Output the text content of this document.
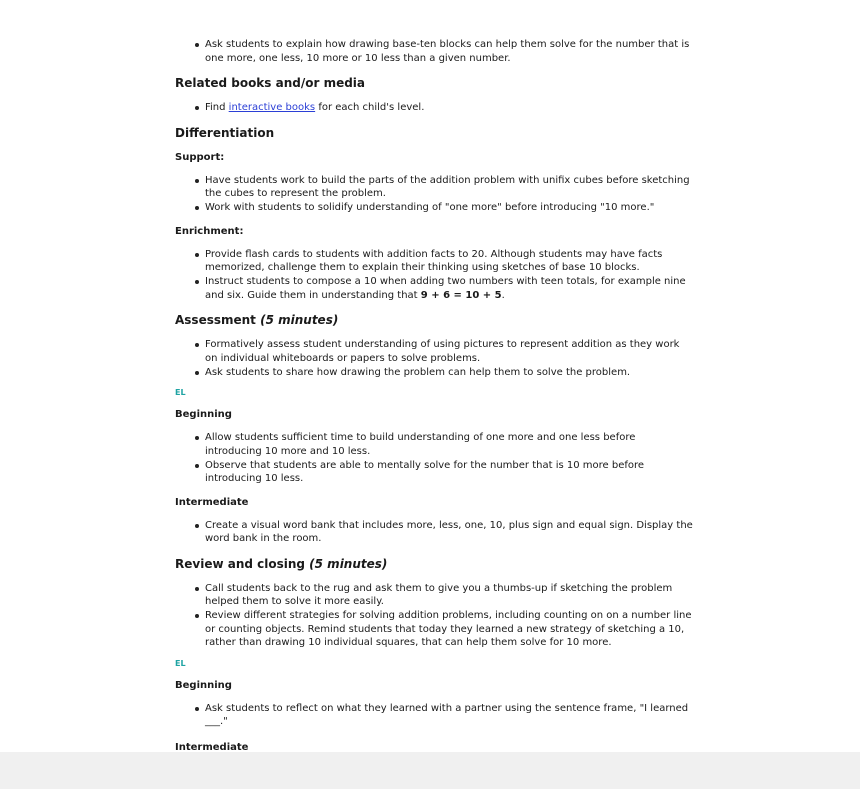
Ask students to explain how drawing base-ten blocks can help them solve for the number that is one more, one less, 10 more or 10 less than a given number.
Related books and/or media
Find interactive books for each child's level.
Differentiation
Support:
Have students work to build the parts of the addition problem with unifix cubes before sketching the cubes to represent the problem.
Work with students to solidify understanding of "one more" before introducing "10 more."
Enrichment:
Provide flash cards to students with addition facts to 20. Although students may have facts memorized, challenge them to explain their thinking using sketches of base 10 blocks.
Instruct students to compose a 10 when adding two numbers with teen totals, for example nine and six. Guide them in understanding that 9 + 6 = 10 + 5.
Assessment (5 minutes)
Formatively assess student understanding of using pictures to represent addition as they work on individual whiteboards or papers to solve problems.
Ask students to share how drawing the problem can help them to solve the problem.
EL
Beginning
Allow students sufficient time to build understanding of one more and one less before introducing 10 more and 10 less.
Observe that students are able to mentally solve for the number that is 10 more before introducing 10 less.
Intermediate
Create a visual word bank that includes more, less, one, 10, plus sign and equal sign. Display the word bank in the room.
Review and closing (5 minutes)
Call students back to the rug and ask them to give you a thumbs-up if sketching the problem helped them to solve it more easily.
Review different strategies for solving addition problems, including counting on on a number line or counting objects. Remind students that today they learned a new strategy of sketching a 10, rather than drawing 10 individual squares, that can help them solve for 10 more.
EL
Beginning
Ask students to reflect on what they learned with a partner using the sentence frame, "I learned ___."
Intermediate
